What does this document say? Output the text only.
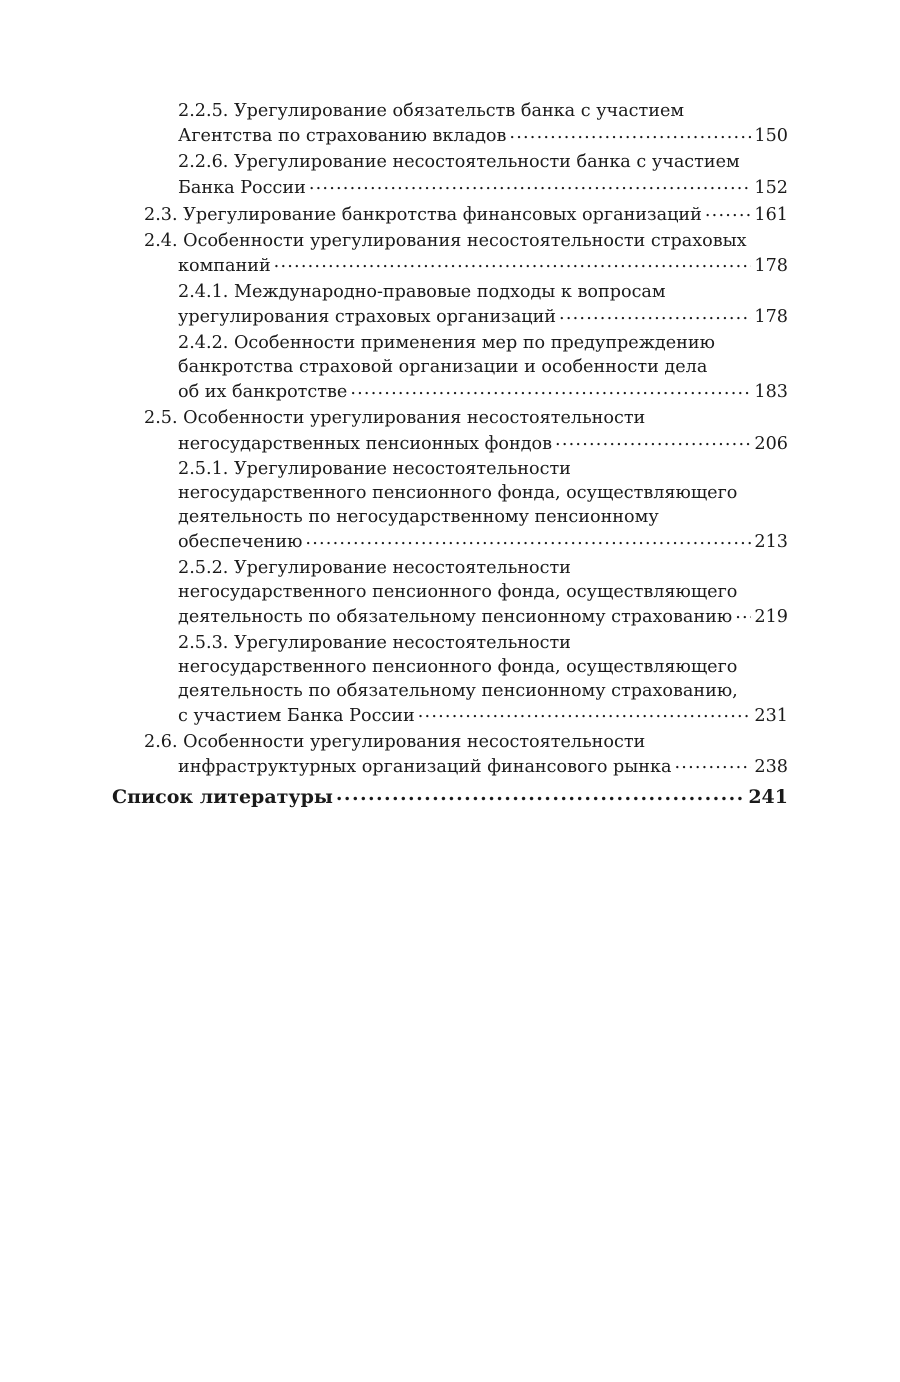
2.2.5. Урегулирование обязательств банка с участием
Агентства по страхованию вкладов .....	150
2.2.6. Урегулирование несостоятельности банка с участием
Банка России .....	152
2.3. Урегулирование банкротства финансовых организаций .....	161
2.4. Особенности урегулирования несостоятельности страховых
компаний .....	178
2.4.1. Международно-правовые подходы к вопросам
урегулирования страховых организаций .....	178
2.4.2. Особенности применения мер по предупреждению
банкротства страховой организации и особенности дела
об их банкротстве .....	183
2.5. Особенности урегулирования несостоятельности
негосударственных пенсионных фондов .....	206
2.5.1. Урегулирование несостоятельности
негосударственного пенсионного фонда, осуществляющего
деятельность по негосударственному пенсионному
обеспечению .....	213
2.5.2. Урегулирование несостоятельности
негосударственного пенсионного фонда, осуществляющего
деятельность по обязательному пенсионному страхованию ..... 219
2.5.3. Урегулирование несостоятельности
негосударственного пенсионного фонда, осуществляющего
деятельность по обязательному пенсионному страхованию,
с участием Банка России .....	231
2.6. Особенности урегулирования несостоятельности
инфраструктурных организаций финансового рынка .....	238
Список литературы .....	241
